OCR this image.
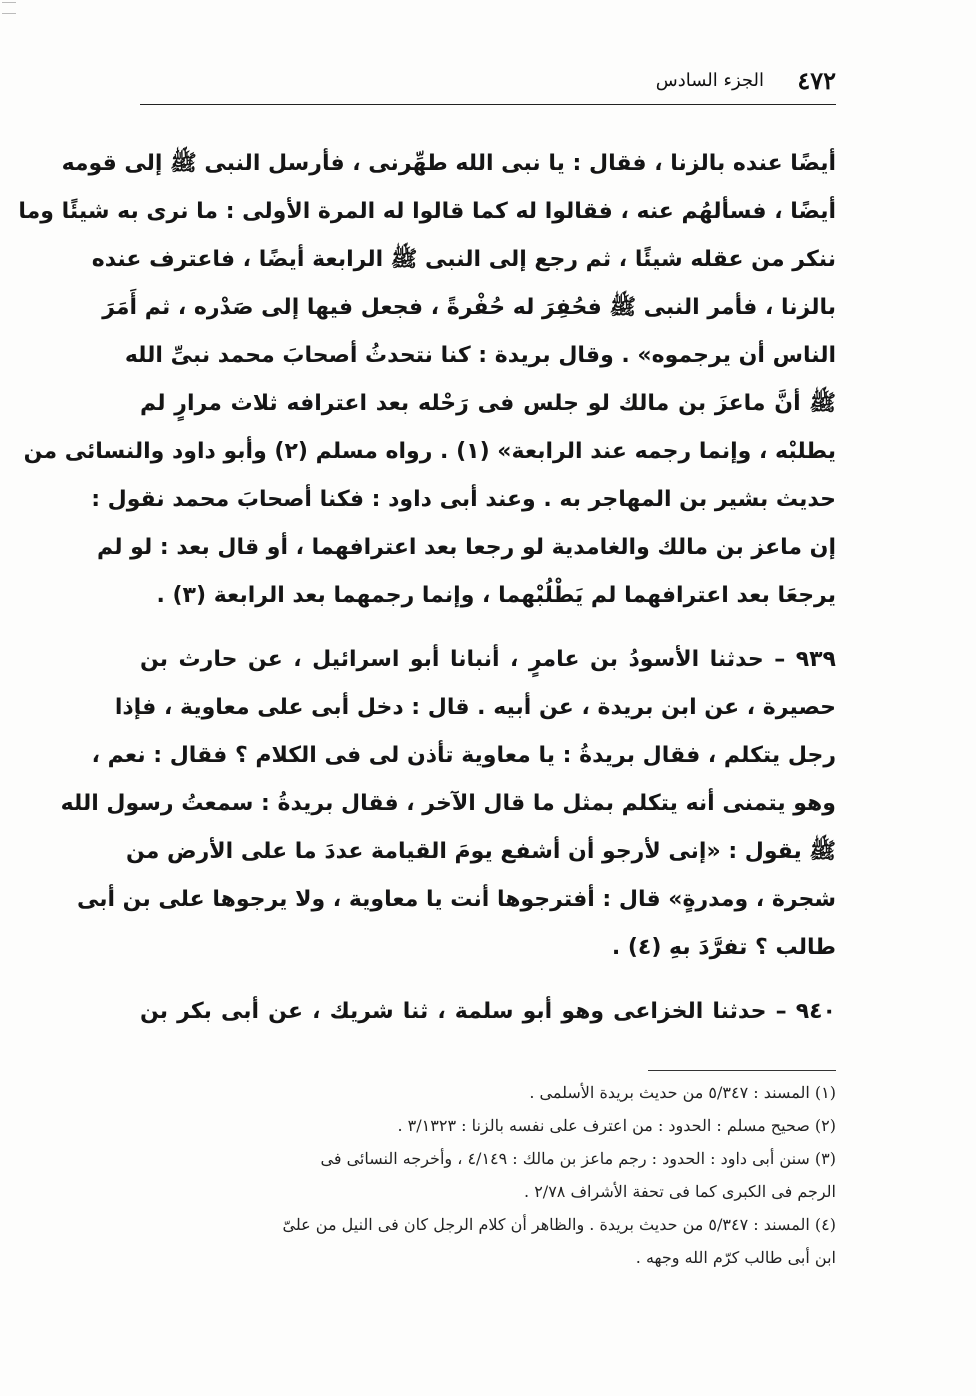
٤٧٢
الجزء السادس
أيضًا عنده بالزنا ، فقال : يا نبى الله طهِّرنى ، فأرسل النبى ﷺ إلى قومه
أيضًا ، فسألهُم عنه ، فقالوا له كما قالوا له المرة الأولى : ما نرى به شيئًا وما
ننكر من عقله شيئًا ، ثم رجع إلى النبى ﷺ الرابعة أيضًا ، فاعترف عنده
بالزنا ، فأمر النبى ﷺ فحُفِرَ له حُفْرةً ، فجعل فيها إلى صَدْره ، ثم أَمَرَ
الناس أن يرجموه» . وقال بريدة : كنا نتحدثُ أصحابَ محمد نبىِّ الله
ﷺ أنَّ ماعزَ بن مالك لو جلس فى رَحْله بعد اعترافه ثلاث مرارٍ لم
يطلبْه ، وإنما رجمه عند الرابعة» (١) . رواه مسلم (٢) وأبو داود والنسائى من
حديث بشير بن المهاجر به . وعند أبى داود : فكنا أصحابَ محمد نقول :
إن ماعز بن مالك والغامدية لو رجعا بعد اعترافهما ، أو قال بعد : لو لم
يرجعَا بعد اعترافهما لم يَطْلُبْهما ، وإنما رجمهما بعد الرابعة (٣) .
٩٣٩ – حدثنا الأسودُ بن عامرٍ ، أنبانا أبو اسرائيل ، عن حارث بن
حصيرة ، عن ابن بريدة ، عن أبيه . قال : دخل أبى على معاوية ، فإذا
رجل يتكلم ، فقال بريدةُ : يا معاوية تأذن لى فى الكلام ؟ فقال : نعم ،
وهو يتمنى أنه يتكلم بمثل ما قال الآخر ، فقال بريدةُ : سمعتُ رسول الله
ﷺ يقول : «إنى لأرجو أن أشفع يومَ القيامة عددَ ما على الأرض من
شجرة ، ومدرةٍ» قال : أفترجوها أنت يا معاوية ، ولا يرجوها على بن أبى
طالب ؟ تفرَّدَ بهِ (٤) .
٩٤٠ – حدثنا الخزاعى وهو أبو سلمة ، ثنا شريك ، عن أبى بكر بن
(١) المسند : ٥/٣٤٧ من حديث بريدة الأسلمى .
(٢) صحيح مسلم : الحدود : من اعترف على نفسه بالزنا : ٣/١٣٢٣ .
(٣) سنن أبى داود : الحدود : رجم ماعز بن مالك : ٤/١٤٩ ، وأخرجه النسائى فى
الرجم فى الكبرى كما فى تحفة الأشراف ٢/٧٨ .
(٤) المسند : ٥/٣٤٧ من حديث بريدة . والظاهر أن كلام الرجل كان فى النيل من علىّ
ابن أبى طالب كرّم الله وجهه .
